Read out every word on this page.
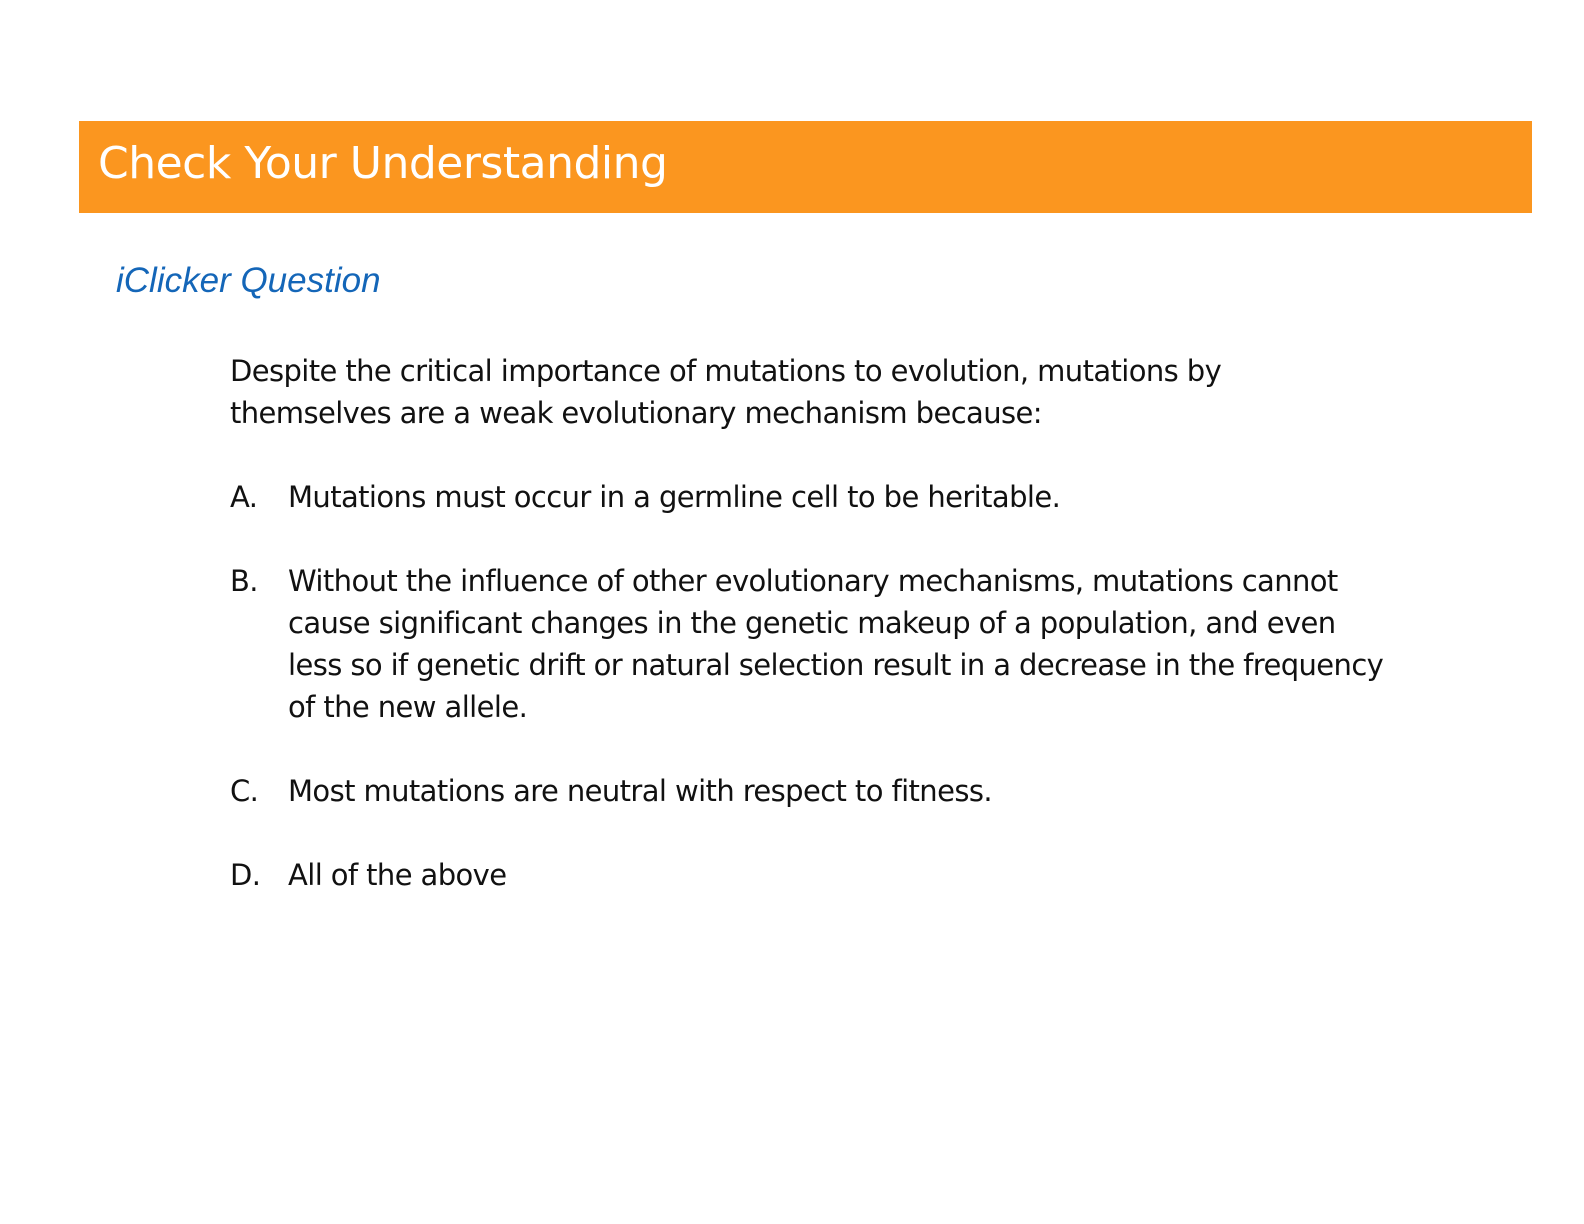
Check Your Understanding
iClicker Question

Despite the critical importance of mutations to evolution, mutations by themselves are a weak evolutionary mechanism because:

A.	Mutations must occur in a germline cell to be heritable.
B.	Without the influence of other evolutionary mechanisms, mutations cannot cause significant changes in the genetic makeup of a population, and even less so if genetic drift or natural selection result in a decrease in the frequency of the new allele.
C.	Most mutations are neutral with respect to fitness.
D. All of the above
